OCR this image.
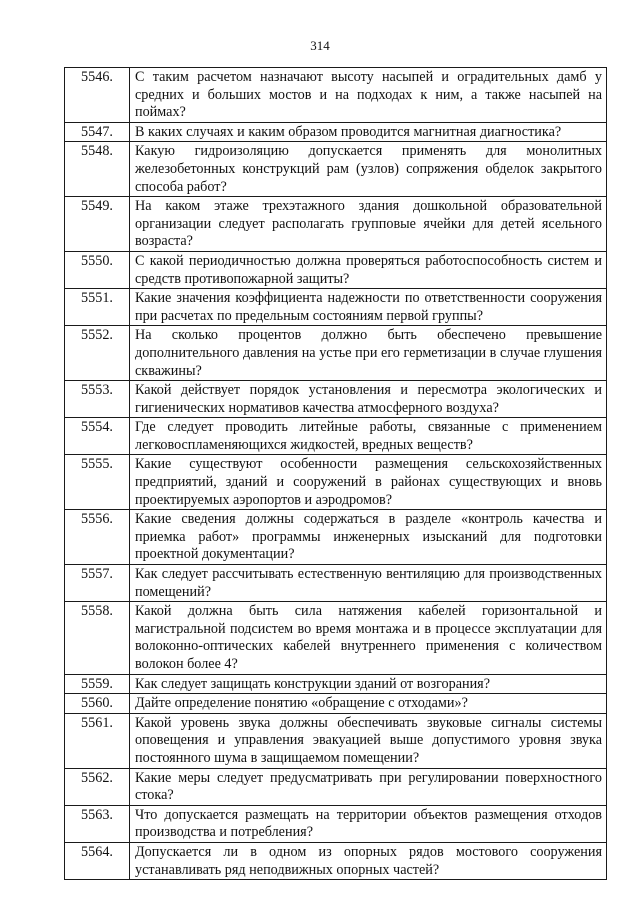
314
5546.	С таким расчетом назначают высоту насыпей и оградительных дамб у средних и больших мостов и на подходах к ним, а также насыпей на поймах?
5547.	В каких случаях и каким образом проводится магнитная диагностика?
5548.	Какую гидроизоляцию допускается применять для монолитных железобетонных конструкций рам (узлов) сопряжения обделок закрытого способа работ?
5549.	На каком этаже трехэтажного здания дошкольной образовательной организации следует располагать групповые ячейки для детей ясельного возраста?
5550.	С какой периодичностью должна проверяться работоспособность систем и средств противопожарной защиты?
5551.	Какие значения коэффициента надежности по ответственности сооружения при расчетах по предельным состояниям первой группы?
5552.	На сколько процентов должно быть обеспечено превышение дополнительного давления на устье при его герметизации в случае глушения скважины?
5553.	Какой действует порядок установления и пересмотра экологических и гигиенических нормативов качества атмосферного воздуха?
5554.	Где следует проводить литейные работы, связанные с применением легковоспламеняющихся жидкостей, вредных веществ?
5555.	Какие существуют особенности размещения сельскохозяйственных предприятий, зданий и сооружений в районах существующих и вновь проектируемых аэропортов и аэродромов?
5556.	Какие сведения должны содержаться в разделе «контроль качества и приемка работ» программы инженерных изысканий для подготовки проектной документации?
5557.	Как следует рассчитывать естественную вентиляцию для производственных помещений?
5558.	Какой должна быть сила натяжения кабелей горизонтальной и магистральной подсистем во время монтажа и в процессе эксплуатации для волоконно-оптических кабелей внутреннего применения с количеством волокон более 4?
5559.	Как следует защищать конструкции зданий от возгорания?
5560.	Дайте определение понятию «обращение с отходами»?
5561.	Какой уровень звука должны обеспечивать звуковые сигналы системы оповещения и управления эвакуацией выше допустимого уровня звука постоянного шума в защищаемом помещении?
5562.	Какие меры следует предусматривать при регулировании поверхностного стока?
5563.	Что допускается размещать на территории объектов размещения отходов производства и потребления?
5564.	Допускается ли в одном из опорных рядов мостового сооружения устанавливать ряд неподвижных опорных частей?
